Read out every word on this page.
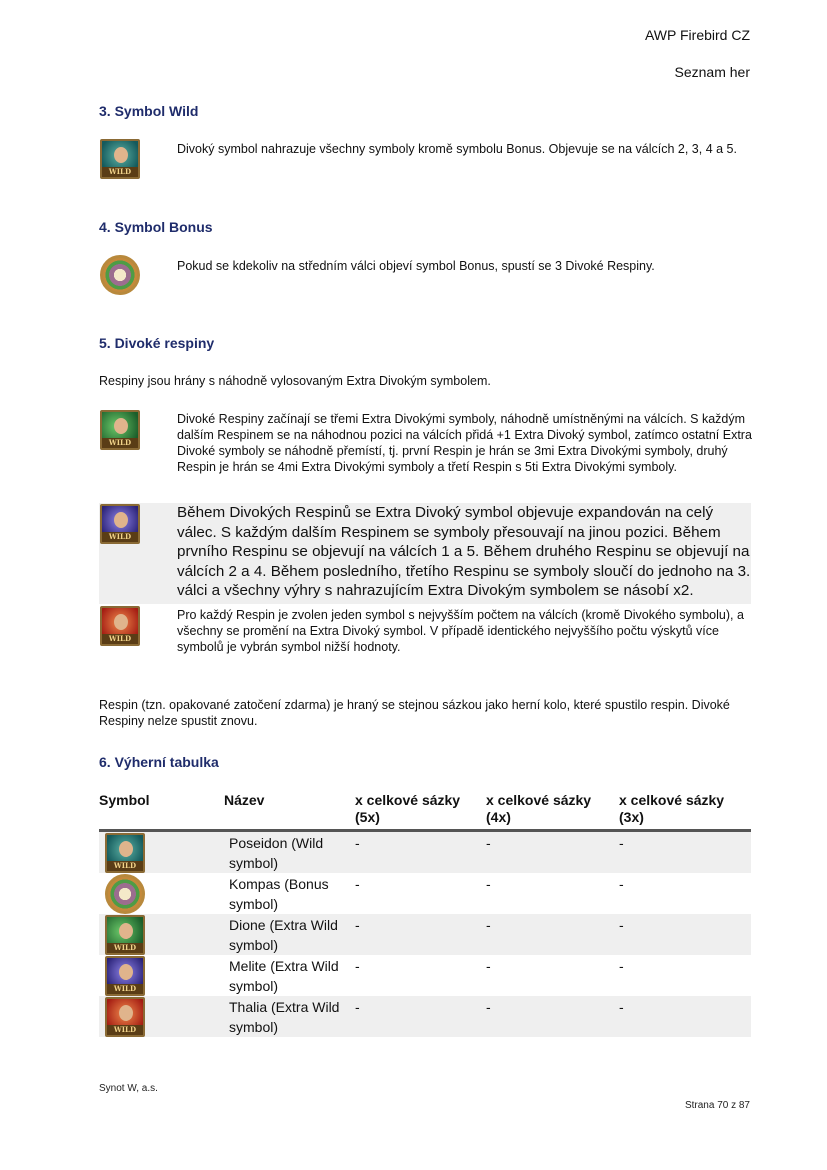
AWP Firebird CZ
Seznam her
3. Symbol Wild
WILD
Divoký symbol nahrazuje všechny symboly kromě symbolu Bonus. Objevuje se na válcích 2, 3, 4 a 5.
4. Symbol Bonus
Pokud se kdekoliv na středním válci objeví symbol Bonus, spustí se 3 Divoké Respiny.
5. Divoké respiny
Respiny jsou hrány s náhodně vylosovaným Extra Divokým symbolem.
WILD
Divoké Respiny začínají se třemi Extra Divokými symboly, náhodně umístněnými na válcích. S každým dalším Respinem se na náhodnou pozici na válcích přidá +1 Extra Divoký symbol, zatímco ostatní Extra Divoké symboly se náhodně přemístí, tj. první Respin je hrán se 3mi Extra Divokými symboly, druhý Respin je hrán se 4mi Extra Divokými symboly a třetí Respin s 5ti Extra Divokými symboly.
WILD
Během Divokých Respinů se Extra Divoký symbol objevuje expandován na celý válec. S každým dalším Respinem se symboly přesouvají na jinou pozici. Během prvního Respinu se objevují na válcích 1 a 5. Během druhého Respinu se objevují na válcích 2 a 4. Během posledního, třetího Respinu se symboly sloučí do jednoho na 3. válci a všechny výhry s nahrazujícím Extra Divokým symbolem se násobí x2.
WILD
Pro každý Respin je zvolen jeden symbol s nejvyšším počtem na válcích (kromě Divokého symbolu), a všechny se promění na Extra Divoký symbol. V případě identického nejvyššího počtu výskytů více symbolů je vybrán symbol nižší hodnoty.
Respin (tzn. opakované zatočení zdarma) je hraný se stejnou sázkou jako herní kolo, které spustilo respin. Divoké Respiny nelze spustit znovu.
6. Výherní tabulka
Symbol	Název	x celkové sázky (5x)	x celkové sázky (4x)	x celkové sázky (3x)

WILD	Poseidon (Wild symbol)	-	-	-

	Kompas (Bonus symbol)	-	-	-

WILD	Dione (Extra Wild symbol)	-	-	-

WILD	Melite (Extra Wild symbol)	-	-	-

WILD	Thalia (Extra Wild symbol)	-	-	-
Synot W, a.s.
Strana 70 z 87
